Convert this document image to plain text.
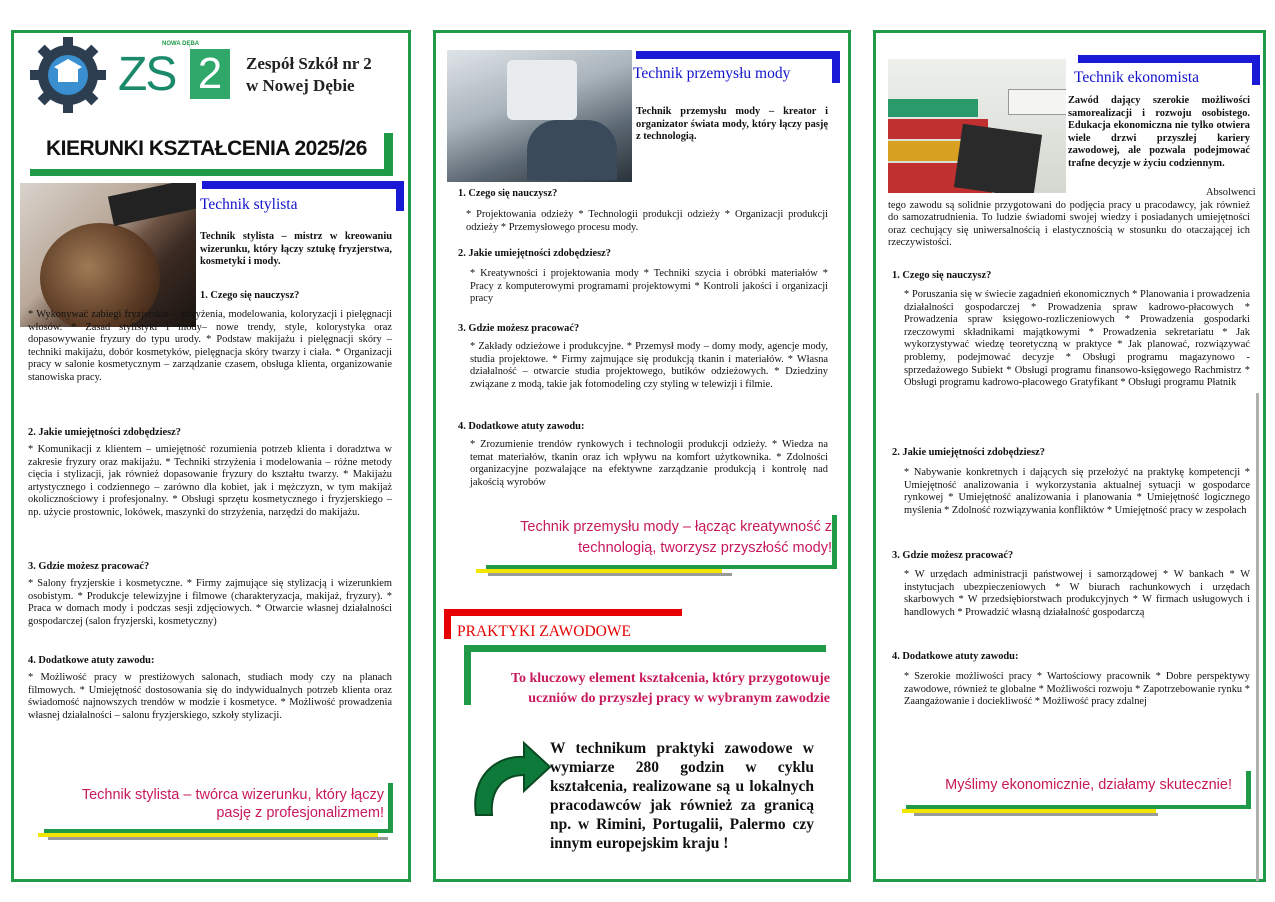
NOWA DĘBA
ZS 2	Zespół Szkół nr 2
w Nowej Dębie
KIERUNKI KSZTAŁCENIA 2025/26
Technik stylista
Technik stylista – mistrz w kreowaniu wizerunku, który łączy sztukę fryzjerstwa, kosmetyki i mody.
1. Czego się nauczysz?
* Wykonywać zabiegi fryzjerskie – strzyżenia, modelowania, koloryzacji i pielęgnacji włosów. * Zasad stylistyki i mody– nowe trendy, style, kolorystyka oraz dopasowywanie fryzury do typu urody. * Podstaw makijażu i pielęgnacji skóry – techniki makijażu, dobór kosmetyków, pielęgnacja skóry twarzy i ciała. * Organizacji pracy w salonie kosmetycznym – zarządzanie czasem, obsługa klienta, organizowanie stanowiska pracy.
2. Jakie umiejętności zdobędziesz?
* Komunikacji z klientem – umiejętność rozumienia potrzeb klienta i doradztwa w zakresie fryzury oraz makijażu. * Techniki strzyżenia i modelowania – różne metody cięcia i stylizacji, jak również dopasowanie fryzury do kształtu twarzy. * Makijażu artystycznego i codziennego – zarówno dla kobiet, jak i mężczyzn, w tym makijaż okolicznościowy i profesjonalny. * Obsługi sprzętu kosmetycznego i fryzjerskiego – np. użycie prostownic, lokówek, maszynki do strzyżenia, narzędzi do makijażu.
3. Gdzie możesz pracować?
* Salony fryzjerskie i kosmetyczne. * Firmy zajmujące się stylizacją i wizerunkiem osobistym. * Produkcje telewizyjne i filmowe (charakteryzacja, makijaż, fryzury). * Praca w domach mody i podczas sesji zdjęciowych. * Otwarcie własnej działalności gospodarczej (salon fryzjerski, kosmetyczny)
4. Dodatkowe atuty zawodu:
* Możliwość pracy w prestiżowych salonach, studiach mody czy na planach filmowych. * Umiejętność dostosowania się do indywidualnych potrzeb klienta oraz świadomość najnowszych trendów w modzie i kosmetyce. * Możliwość prowadzenia własnej działalności – salonu fryzjerskiego, szkoły stylizacji.
Technik stylista – twórca wizerunku, który łączy pasję z profesjonalizmem!
Technik przemysłu mody
Technik przemysłu mody – kreator i organizator świata mody, który łączy pasję z technologią.
1. Czego się nauczysz?
* Projektowania odzieży * Technologii produkcji odzieży * Organizacji produkcji odzieży * Przemysłowego procesu mody.
2. Jakie umiejętności zdobędziesz?
* Kreatywności i projektowania mody * Techniki szycia i obróbki materiałów * Pracy z komputerowymi programami projektowymi * Kontroli jakości i organizacji pracy
3. Gdzie możesz pracować?
* Zakłady odzieżowe i produkcyjne. * Przemysł mody – domy mody, agencje mody, studia projektowe. * Firmy zajmujące się produkcją tkanin i materiałów. * Własna działalność – otwarcie studia projektowego, butików odzieżowych. * Dziedziny związane z modą, takie jak fotomodeling czy styling w telewizji i filmie.
4. Dodatkowe atuty zawodu:
* Zrozumienie trendów rynkowych i technologii produkcji odzieży. * Wiedza na temat materiałów, tkanin oraz ich wpływu na komfort użytkownika. * Zdolności organizacyjne pozwalające na efektywne zarządzanie produkcją i kontrolę nad jakością wyrobów
Technik przemysłu mody – łącząc kreatywność z technologią, tworzysz przyszłość mody!
PRAKTYKI ZAWODOWE
To kluczowy element kształcenia, który przygotowuje uczniów do przyszłej pracy w wybranym zawodzie
W technikum praktyki zawodowe w wymiarze 280 godzin w cyklu kształcenia, realizowane są u lokalnych pracodawców jak również za granicą np. w Rimini, Portugalii, Palermo czy innym europejskim kraju !
Technik ekonomista
Zawód dający szerokie możliwości samorealizacji i rozwoju osobistego. Edukacja ekonomiczna nie tylko otwiera wiele drzwi przyszłej kariery zawodowej, ale pozwala podejmować trafne decyzje w życiu codziennym.
Absolwenci tego zawodu są solidnie przygotowani do podjęcia pracy u pracodawcy, jak również do samozatrudnienia. To ludzie świadomi swojej wiedzy i posiadanych umiejętności oraz cechujący się uniwersalnością i elastycznością w stosunku do otaczającej ich rzeczywistości.
1. Czego się nauczysz?
* Poruszania się w świecie zagadnień ekonomicznych * Planowania i prowadzenia działalności gospodarczej * Prowadzenia spraw kadrowo-płacowych * Prowadzenia spraw księgowo-rozliczeniowych * Prowadzenia gospodarki rzeczowymi składnikami majątkowymi * Prowadzenia sekretariatu * Jak wykorzystywać wiedzę teoretyczną w praktyce * Jak planować, rozwiązywać problemy, podejmować decyzje * Obsługi programu magazynowo - sprzedażowego Subiekt * Obsługi programu finansowo-księgowego Rachmistrz * Obsługi programu kadrowo-płacowego Gratyfikant * Obsługi programu Płatnik
2. Jakie umiejętności zdobędziesz?
* Nabywanie konkretnych i dających się przełożyć na praktykę kompetencji * Umiejętność analizowania i wykorzystania aktualnej sytuacji w gospodarce rynkowej * Umiejętność analizowania i planowania * Umiejętność logicznego myślenia * Zdolność rozwiązywania konfliktów * Umiejętność pracy w zespołach
3. Gdzie możesz pracować?
* W urzędach administracji państwowej i samorządowej * W bankach * W instytucjach ubezpieczeniowych * W biurach rachunkowych i urzędach skarbowych * W przedsiębiorstwach produkcyjnych * W firmach usługowych i handlowych * Prowadzić własną działalność gospodarczą
4. Dodatkowe atuty zawodu:
* Szerokie możliwości pracy * Wartościowy pracownik * Dobre perspektywy zawodowe, również te globalne * Możliwości rozwoju * Zapotrzebowanie rynku * Zaangażowanie i dociekliwość * Możliwość pracy zdalnej
Myślimy ekonomicznie, działamy skutecznie!
